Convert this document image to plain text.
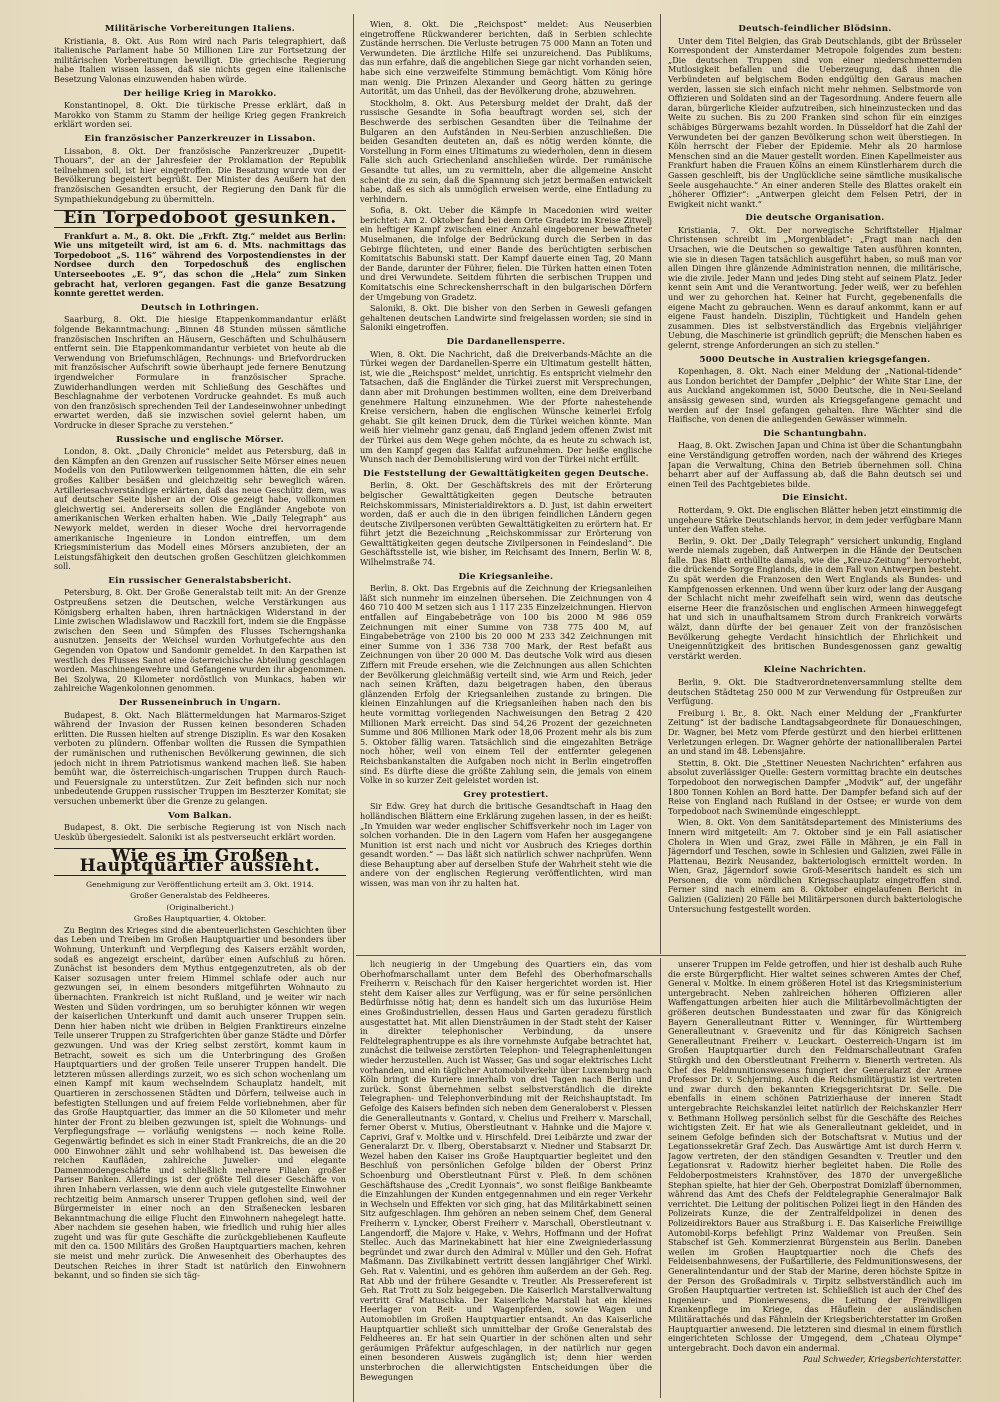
Militärische Vorbereitungen Italiens.

Kristiania, 8. Okt. Aus Rom wird nach Paris telegraphiert, daß italienische Parlament habe 50 Millionen Lire zur Fortsetzung der militärischen Vorbereitungen bewilligt. Die griechische Regierung habe Italien wissen lassen, daß sie nichts gegen eine italienische Besetzung Valonas einzuwenden haben würde.

Der heilige Krieg in Marokko.

Konstantinopel, 8. Okt. Die türkische Presse erklärt, daß in Marokko von Stamm zu Stamm der heilige Krieg gegen Frankreich erklärt worden sei.

Ein französischer Panzerkreuzer in Lissabon.

Lissabon, 8. Okt. Der französische Panzerkreuzer „Dupetit-Thouars“, der an der Jahresfeier der Proklamation der Republik teilnehmen soll, ist hier eingetroffen. Die Besatzung wurde von der Bevölkerung begeistert begrüßt. Der Minister des Aeußern hat den französischen Gesandten ersucht, der Regierung den Dank für die Sympathiekundgebung zu übermitteln.

Ein Torpedoboot gesunken.

Frankfurt a. M., 8. Okt. Die „Frkft. Ztg.“ meldet aus Berlin: Wie uns mitgeteilt wird, ist am 6. d. Mts. nachmittags das Torpedoboot „S. 116“ während des Vorpostendienstes in der Nordsee durch den Torpedoschuß des englischen Unterseebootes „E. 9“, das schon die „Hela“ zum Sinken gebracht hat, verloren gegangen. Fast die ganze Besatzung konnte gerettet werden.

Deutsch in Lothringen.

Saarburg, 8. Okt. Die hiesige Etappenkommandantur erläßt folgende Bekanntmachung: „Binnen 48 Stunden müssen sämtliche französischen Inschriften an Häusern, Geschäften und Schulhäusern entfernt sein. Die Etappenkommandantur verbietet von heute ab die Verwendung von Briefumschlägen, Rechnungs- und Briefvordrucken mit französischer Aufschrift sowie überhaupt jede fernere Benutzung irgendwelcher Formulare in französischer Sprache. Zuwiderhandlungen werden mit Schließung des Geschäftes und Beschlagnahme der verbotenen Vordrucke geahndet. Es muß auch von den französisch sprechenden Teil der Landeseinwohner unbedingt erwartet werden, daß sie inzwischen soviel gelernt haben, um Vordrucke in dieser Sprache zu verstehen.“

Russische und englische Mörser.

London, 8. Okt. „Daily Chronicle“ meldet aus Petersburg, daß in den Kämpfen an den Grenzen auf russischer Seite Mörser eines neuen Modells von den Putilowwerken teilgenommen hätten, die ein sehr großes Kaliber besäßen und gleichzeitig sehr beweglich wären. Artilleriesachverständige erklärten, daß das neue Geschütz dem, was auf deutscher Seite bisher an der Oise gezeigt habe, vollkommen gleichwertig sei. Andererseits sollen die Engländer Angebote von amerikanischen Werken erhalten haben. Wie „Daily Telegraph“ aus Newyork meldet, werden in dieser Woche drei hervorragende amerikanische Ingenieure in London eintreffen, um dem Kriegsministerium das Modell eines Mörsers anzubieten, der an Leistungsfähigkeit den deutschen großen Geschützen gleichkommen soll.

Ein russischer Generalstabsbericht.

Petersburg, 8. Okt. Der Große Generalstab teilt mit: An der Grenze Ostpreußens setzen die Deutschen, welche Verstärkungen aus Königsberg erhalten haben, ihren hartnäckigen Widerstand in der Linie zwischen Wladislawow und Raczkill fort, indem sie die Engpässe zwischen den Seen und Sümpfen des Flusses Tscherngshanka ausnutzen. Jenseits der Weichsel wurden Vorhutgefechte aus den Gegenden von Opatow und Sandomir gemeldet. In den Karpathen ist westlich des Flusses Sanot eine österreichische Abteilung geschlagen worden. Maschinengewehre und Gefangene wurden ihr abgenommen. Bei Szolywa, 20 Kilometer nordöstlich von Munkacs, haben wir zahlreiche Wagenkolonnen genommen.

Der Russeneinbruch in Ungarn.

Budapest, 8. Okt. Nach Blättermeldungen hat Marmaros-Sziget während der Invasion der Russen keinen besonderen Schaden erlitten. Die Russen hielten auf strenge Disziplin. Es war den Kosaken verboten zu plündern. Offenbar wollten die Russen die Sympathien der rumänischen und ruthenischen Bevölkerung gewinnen, die sich jedoch nicht in ihrem Patriotismus wankend machen ließ. Sie haben bemüht war, die österreichisch-ungarischen Truppen durch Rauch- und Feuersignale zu unterstützen. Zur Zeit befinden sich nur noch unbedeutende Gruppen russischer Truppen im Beszterzer Komitat; sie versuchen unbemerkt über die Grenze zu gelangen.

Vom Balkan.

Budapest, 8. Okt. Die serbische Regierung ist von Nisch nach Uesküb übergesiedelt. Saloniki ist als pestverseucht erklärt worden.

Wie es im Großen Hauptquartier aussieht.

Genehmigung zur Veröffentlichung erteilt am 3. Okt. 1914.

Großer Generalstab des Feldheeres.

(Originalbericht.)

Großes Hauptquartier, 4. Oktober.

Zu Beginn des Krieges sind die abenteuerlichsten Geschichten über das Leben und Treiben im Großen Hauptquartier und besonders über Wohnung, Unterkunft und Verpflegung des Kaisers erzählt worden, sodaß es angezeigt erscheint, darüber einen Aufschluß zu hören. Zunächst ist besonders dem Mythus entgegenzutreten, als ob der Kaiser sozusagen unter freiem Himmel schlafe oder auch nur gezwungen sei, in einem besonders mitgeführten Wohnauto zu übernachten. Frankreich ist nicht Rußland, und je weiter wir nach Westen und Süden vordringen, um so beruhigter können wir wegen der kaiserlichen Unterkunft und damit auch unserer Truppen sein. Denn hier haben nicht wie drüben in Belgien Franktireurs einzelne Teile unserer Truppen zu Strafgerichten über ganze Städte und Dörfer gezwungen. Und was der Krieg selbst zerstört, kommt kaum in Betracht, soweit es sich um die Unterbringung des Großen Hauptquartiers und der großen Teile unserer Truppen handelt. Die letzteren müssen allerdings zurzeit, wo es sich schon wochenlang um einen Kampf mit kaum wechselndem Schauplatz handelt, mit Quartieren in zerschossenen Städten und Dörfern, teilweise auch in befestigten Stellungen und auf freiem Felde vorliebnehmen, aber für das Große Hauptquartier, das immer an die 50 Kilometer und mehr hinter der Front zu bleiben gezwungen ist, spielt die Wohnungs- und Verpflegungsfrage — vorläufig wenigstens — noch keine Rolle. Gegenwärtig befindet es sich in einer Stadt Frankreichs, die an die 20 000 Einwohner zählt und sehr wohlhabend ist. Das beweisen die reichen Kaufläden, zahlreiche Juwelier- und elegante Damenmodengeschäfte und schließlich mehrere Filialen großer Pariser Banken. Allerdings ist der größte Teil dieser Geschäfte von ihren Inhabern verlassen, wie denn auch viele gutgestellte Einwohner rechtzeitig beim Anmarsch unserer Truppen geflohen sind, weil der Bürgermeister in einer noch an den Straßenecken lesbaren Bekanntmachung die eilige Flucht den Einwohnern nahegelegt hatte. Aber nachdem sie gesehen haben, wie friedlich und ruhig hier alles zugeht und was für gute Geschäfte die zurückgebliebenen Kaufleute mit den ca. 1500 Militärs des Großen Hauptquartiers machen, kehren sie meist und mehr zurück. Die Anwesenheit des Oberhauptes des Deutschen Reiches in ihrer Stadt ist natürlich den Einwohnern bekannt, und so finden sie sich täg-

Wien, 8. Okt. Die „Reichspost“ meldet: Aus Neuserbien eingetroffene Rückwanderer berichten, daß in Serbien schlechte Zustände herrschen. Die Verluste betrugen 75 000 Mann an Toten und Verwundeten. Die ärztliche Hilfe sei unzureichend. Das Publikums, das nun erfahre, daß die angeblichen Siege gar nicht vorhanden seien, habe sich eine verzweifelte Stimmung bemächtigt. Vom König höre man wenig. Die Prinzen Alexander und Georg hätten zu geringe Autorität, um das Unheil, das der Bevölkerung drohe, abzuwehren.

Stockholm, 8. Okt. Aus Petersburg meldet der Draht, daß der russische Gesandte in Sofia beauftragt worden sei, sich der Beschwerde des serbischen Gesandten über die Teilnahme der Bulgaren an den Aufständen in Neu-Serbien anzuschließen. Die beiden Gesandten deuteten an, daß es nötig werden könnte, die Vorstellung in Form eines Ultimatums zu wiederholen, denn in diesem Falle sich auch Griechenland anschließen würde. Der rumänische Gesandte tut alles, um zu vermitteln, aber die allgemeine Ansicht scheint die zu sein, daß die Spannung sich jetzt bermaßen entwickelt habe, daß es sich als unmöglich erweisen werde, eine Entladung zu verhindern.

Sofia, 8. Okt. Ueber die Kämpfe in Macedonien wird weiter berichtet: Am 2. Oktober fand bei dem Orte Gradetz im Kreise Zitwelj ein heftiger Kampf zwischen einer Anzahl eingeborener bewaffneter Muselmanen, die infolge der Bedrückung durch die Serben in das Gebirge flüchteten, und einer Bande des berüchtigten serbischen Komitatschis Babunski statt. Der Kampf dauerte einen Tag, 20 Mann der Bande, darunter der Führer, fielen. Die Türken hatten einen Toten und drei Verwundete. Seitdem führten die serbischen Truppen und Komitatschis eine Schreckensherrschaft in den bulgarischen Dörfern der Umgebung von Gradetz.

Saloniki, 8. Okt. Die bisher von den Serben in Gewesli gefangen gehaltenen deutschen Landwirte sind freigelassen worden; sie sind in Saloniki eingetroffen.

Die Dardanellensperre.

Wien, 8. Okt. Die Nachricht, daß die Dreiverbands-Mächte an die Türkei wegen der Dardanellen-Sperre ein Ultimatum gestellt hätten, ist, wie die „Reichspost“ meldet, unrichtig. Es entspricht vielmehr den Tatsachen, daß die Engländer die Türkei zuerst mit Versprechungen, dann aber mit Drohungen bestimmen wollten, eine dem Dreiverband genehmere Haltung einzunehmen. Wie der Pforte nahestehende Kreise versichern, haben die englischen Wünsche keinerlei Erfolg gehabt. Sie gilt keinen Druck, dem die Türkei weichen könnte. Man weiß hier vielmehr ganz genau, daß England jedem offenen Zwist mit der Türkei aus dem Wege gehen möchte, da es heute zu schwach ist, um den Kampf gegen das Kalifat aufzunehmen. Der heiße englische Wunsch nach der Demobilisierung wird von der Türkei nicht erfüllt.

Die Feststellung der Gewalttätigkeiten gegen Deutsche.

Berlin, 8. Okt. Der Geschäftskreis des mit der Erörterung belgischer Gewalttätigkeiten gegen Deutsche betrauten Reichskommissars, Ministerialdirektors a. D. Just, ist dahin erweitert worden, daß er auch die in den übrigen feindlichen Ländern gegen deutsche Zivilpersonen verübten Gewalttätigkeiten zu erörtern hat. Er führt jetzt die Bezeichnung „Reichskommissar zur Erörterung von Gewalttätigkeiten gegen deutsche Zivilpersonen in Feindesland“. Die Geschäftsstelle ist, wie bisher, im Reichsamt des Innern, Berlin W. 8, Wilhelmstraße 74.

Die Kriegsanleihe.

Berlin, 8. Okt. Das Ergebnis auf die Zeichnung der Kriegsanleihen läßt sich nunmehr im einzelnen übersehen. Die Zeichnungen von 4 460 710 400 M setzen sich aus 1 117 235 Einzelzeichnungen. Hiervon entfallen auf Eingabebeträge von 100 bis 2000 M 986 059 Zeichnungen mit einer Summe von 738 775 400 M, auf Eingabebeträge von 2100 bis 20 000 M 233 342 Zeichnungen mit einer Summe von 1 336 738 700 Mark, der Rest befaßt aus Zeichnungen von über 20 000 M. Das deutsche Volk wird aus diesen Ziffern mit Freude ersehen, wie die Zeichnungen aus allen Schichten der Bevölkerung gleichmäßig verteilt sind, wie Arm und Reich, jeder nach seinen Kräften, dazu beigetragen haben, den überaus glänzenden Erfolg der Kriegsanleihen zustande zu bringen. Die kleinen Einzahlungen auf die Kriegsanleihen haben nach den bis heute vormittag vorliegenden Nachweisungen den Betrag 2 420 Millionen Mark erreicht. Das sind 54,26 Prozent der gezeichneten Summe und 806 Millionen Mark oder 18,06 Prozent mehr als bis zum 5. Oktober fällig waren. Tatsächlich sind die eingezahlten Beträge noch höher, weil von einem Teil der entfernter gelegenen Reichsbankanstalten die Aufgaben noch nicht in Berlin eingetroffen sind. Es dürfte diese die größte Zahlung sein, die jemals von einem Volke in so kurzer Zeit geleistet worden ist.

Grey protestiert.

Sir Edw. Grey hat durch die britische Gesandtschaft in Haag den holländischen Blättern eine Erklärung zugehen lassen, in der es heißt: „In Ymuiden war weder englischer Schiffsverkehr noch im Lager von solchen vorhanden. Die in den Lagern vom Hafen her ausgegangene Munition ist erst nach und nicht vor Ausbruch des Krieges dorthin gesandt worden.“ — Das läßt sich natürlich schwer nachprüfen. Wenn diese Behauptung aber auf derselben Stufe der Wahrheit steht wie die andere von der englischen Regierung veröffentlichten, wird man wissen, was man von ihr zu halten hat.

Deutsch-feindlicher Blödsinn.

Unter dem Titel Belgien, das Grab Deutschlands, gibt der Brüsseler Korrespondent der Amsterdamer Metropole folgendes zum besten: „Die deutschen Truppen sind von einer niederschmetternden Mutlosigkeit befallen und die Ueberzeugung, daß ihnen die Verbündeten auf belgischem Boden endgültig den Garaus machen werden, lassen sie sich einfach nicht mehr nehmen. Selbstmorde von Offizieren und Soldaten sind an der Tagesordnung. Andere feuern alle daran, bürgerliche Kleider aufzutreiben, sich hineinzustecken und das Weite zu suchen. Bis zu 200 Franken sind schon für ein einziges schäbiges Bürgerwams bezahlt worden. In Düsseldorf hat die Zahl der Verwundeten bei der ganzen Bevölkerung schon weit überstiegen. In Köln herrscht der Fieber der Epidemie. Mehr als 20 harmlose Menschen sind an die Mauer gestellt worden. Einen Kapellmeister aus Frankfurt haben die Frauen Kölns an einem Künstlerharem durch die Gassen geschleift, bis der Unglückliche seine sämtliche musikalische Seele ausgehauchte.“ An einer anderen Stelle des Blattes orakelt ein „höherer Offizier“: „Antwerpen gleicht dem Felsen Petri, der in Ewigkeit nicht wankt.“

Die deutsche Organisation.

Kristiania, 7. Okt. Der norwegische Schriftsteller Hjalmar Christensen schreibt im „Morgenbladet“: „Fragt man nach den Ursachen, wie die Deutschen so gewaltige Taten ausführen konnten, wie sie in diesen Tagen tatsächlich ausgeführt haben, so muß man vor allen Dingen ihre glänzende Administration nennen, die militärische, wie die zivile. Jeder Mann und jedes Ding steht auf seinem Platz. Jeder kennt sein Amt und die Verantwortung. Jeder weiß, wer zu befehlen und wer zu gehorchen hat. Keiner hat Furcht, gegebenenfalls die eigene Macht zu gebrauchen. Wenn es darauf ankommt, kann er auf eigene Faust handeln. Disziplin, Tüchtigkeit und Handeln gehen zusammen. Dies ist selbstverständlich das Ergebnis vieljähriger Uebung, die Maschinerie ist gründlich geprüft; die Menschen haben es gelernt, strenge Anforderungen an sich zu stellen.“

5000 Deutsche in Australien kriegsgefangen.

Kopenhagen, 8. Okt. Nach einer Meldung der „National-tidende“ aus London berichtet der Dampfer „Delphic“ der White Star Line, der aus Auckland angekommen ist, 5000 Deutsche, die in Neu-Seeland ansässig gewesen sind, wurden als Kriegsgefangene gemacht und werden auf der Insel gefangen gehalten. Ihre Wächter sind die Haifische, von denen die anliegenden Gewässer wimmeln.

Die Schantungbahn.

Haag, 8. Okt. Zwischen Japan und China ist über die Schantungbahn eine Verständigung getroffen worden, nach der während des Krieges Japan die Verwaltung, China den Betrieb übernehmen soll. China beharrt aber auf der Auffassung ab, daß die Bahn deutsch sei und einen Teil des Pachtgebietes bilde.

Die Einsicht.

Rotterdam, 9. Okt. Die englischen Blätter heben jetzt einstimmig die ungeheure Stärke Deutschlands hervor, in dem jeder verfügbare Mann unter den Waffen stehe.

Berlin, 9. Okt. Der „Daily Telegraph“ versichert unkundig, England werde niemals zugeben, daß Antwerpen in die Hände der Deutschen falle. Das Blatt enthüllte damals, wie die „Kreuz-Zeitung“ hervorhebt, die drückende Sorge Englands, die in dem Fall von Antwerpen besteht. Zu spät werden die Franzosen den Wert Englands als Bundes- und Kampfgenossen erkennen. Und wenn über kurz oder lang der Ausgang der Schlacht nicht mehr zweifelhaft sein wird, wenn das deutsche eiserne Heer die französischen und englischen Armeen hinweggefegt hat und sich in unaufhaltsamem Strom durch Frankreich vorwärts wälzt, dann dürfte der bei genauer Zeit von der französischen Bevölkerung gehegte Verdacht hinsichtlich der Ehrlichkeit und Uneigennützigkeit des britischen Bundesgenossen ganz gewaltig verstärkt werden.

Kleine Nachrichten.

Berlin, 9. Okt. Die Stadtverordnetenversammlung stellte dem deutschen Städtetag 250 000 M zur Verwendung für Ostpreußen zur Verfügung.

Freiburg i. Br., 8. Okt. Nach einer Meldung der „Frankfurter Zeitung“ ist der badische Landtagsabgeordnete für Donaueschingen, Dr. Wagner, bei Metz vom Pferde gestürzt und den hierbei erlittenen Verletzungen erlegen. Dr. Wagner gehörte der nationalliberalen Partei an und stand im 48. Lebensjahre.

Stettin, 8. Okt. Die „Stettiner Neuesten Nachrichten“ erfahren aus absolut zuverlässiger Quelle: Gestern vormittag brachte ein deutsches Torpedoboot den norwegischen Dampfer „Modvik“ auf, der ungefähr 1800 Tonnen Kohlen an Bord hatte. Der Dampfer befand sich auf der Reise von England nach Rußland in der Ostsee; er wurde von dem Torpedoboot nach Swinemünde eingeschleppt.

Wien, 8. Okt. Von dem Sanitätsdepartement des Ministeriums des Innern wird mitgeteilt: Am 7. Oktober sind je ein Fall asiatischer Cholera in Wien und Graz, zwei Fälle in Mähren, je ein Fall in Jägerndorf und Teschen, sowie in Schlesien und Galizien, zwei Fälle in Plattenau, Bezirk Neusandez, bakteriologisch ermittelt worden. In Wien, Graz, Jägerndorf sowie Groß-Meseritsch handelt es sich um Personen, die vom nördlichen Kriegsschauplatz eingetroffen sind. Ferner sind nach einem am 8. Oktober eingelaufenen Bericht in Galizien (Galizien) 20 Fälle bei Militärpersonen durch bakteriologische Untersuchung festgestellt worden.

lich neugierig in der Umgebung des Quartiers ein, das vom Oberhofmarschallamt unter dem Befehl des Oberhofmarschalls Freiherrn v. Reischach für den Kaiser hergerichtet worden ist. Hier steht dem Kaiser alles zur Verfügung, was er für seine persönlichen Bedürfnisse nötig hat; denn es handelt sich um das luxuriöse Heim eines Großindustriellen, dessen Haus und Garten geradezu fürstlich ausgestattet hat. Mit allen Diensträumen in der Stadt steht der Kaiser in direkter telephonischer Verbindung, da unsere Feldtelegraphentruppe es als ihre vornehmste Aufgabe betrachtet hat, zunächst die teilweise zerstörten Telephon- und Telegraphenleitungen wieder herzustellen. Auch ist Wasser, Gas und sogar elektrisches Licht vorhanden, und ein täglicher Automobilverkehr über Luxemburg nach Köln bringt die Kuriere innerhalb von drei Tagen nach Berlin und zurück. Sonst übernehmen selbst selbstverständlich die direkte Telegraphen- und Telephonverbindung mit der Reichshauptstadt. Im Gefolge des Kaisers befinden sich neben dem Generaloberst v. Plessen die Generalleutnants v. Gontard, v. Chelius und Freiherr v. Marschall, ferner Oberst v. Mutius, Oberstleutnant v. Hahnke und die Majore v. Caprivi, Graf v. Moltke und v. Hirschfeld. Drei Leibärzte und zwar der Generalarzt Dr. v. Ilberg, Oberstabsarzt v. Niedner und Stabsarzt Dr. Wezel haben den Kaiser ins Große Hauptquartier begleitet und den Beschluß von persönlichen Gefolge bilden der Oberst Prinz Schoenburg und Oberstleutnant Fürst v. Pleß. In dem schönen Geschäftshause des „Credit Lyonnais“, wo sonst fleißige Bankbeamte die Einzahlungen der Kunden entgegennahmen und ein reger Verkehr in Wechseln und Effekten vor sich ging, hat das Militärkabinett seinen Sitz aufgeschlagen. Ihm gehören an neben seinem Chef, dem General Freiherrn v. Lyncker, Oberst Freiherr v. Marschall, Oberstleutnant v. Langendorff, die Majore v. Hake, v. Wehrs, Hoffmann und der Hofrat Stellec. Auch das Marinekabinett hat hier eine Zweigniederlassung begründet und zwar durch den Admiral v. Müller und den Geh. Hofrat Maßmann. Das Zivilkabinett vertritt dessen langjähriger Chef Wirkl. Geh. Rat v. Valentini, und es gehören ihm außerdem an der Geh. Reg. Rat Abb und der frühere Gesandte v. Treutler. Als Pressereferent ist Geh. Rat Trott zu Solz beigegeben. Die Kaiserlich Marstallverwaltung vertritt Graf Matuschka. Der Kaiserliche Marstall hat ein kleines Heerlager von Reit- und Wagenpferden, sowie Wagen und Automobilen im Großen Hauptquartier entsandt. An das Kaiserliche Hauptquartier schließt sich unmittelbar der Große Generalstab des Feldheeres an. Er hat sein Quartier in der schönen alten und sehr geräumigen Präfektur aufgeschlagen, in der natürlich nur gegen einen besonderen Ausweis zugänglich ist; denn hier werden unsterbrochen die allerwichtigsten Entscheidungen über die Bewegungen

unserer Truppen im Felde getroffen, und hier ist deshalb auch Ruhe die erste Bürgerpflicht. Hier waltet seines schweren Amtes der Chef, General v. Moltke. In einem größeren Hotel ist das Kriegsministerium untergebracht. Neben zahlreichen höheren Offizieren aller Waffengattungen arbeiten hier auch die Militärbevollmächtigten der größeren deutschen Bundesstaaten und zwar für das Königreich Bayern Generalleutnant Ritter v. Wenninger, für Württemberg Generalleutnant v. Graevenitz und für das Königreich Sachsen Generalleutnant Freiherr v. Leuckart. Oesterreich-Ungarn ist im Großen Hauptquartier durch den Feldmarschalleutnant Grafen Stürgkh und den Oberstleutnant Freiherrn v. Bienerth vertreten. Als Chef des Feldmunitionswesens fungiert der Generalarzt der Armee Professor Dr. v. Schjerning. Auch die Reichsmilitärjustiz ist vertreten und zwar durch den bekannten Kriegsgerichtsrat Dr. Selle. Die ebenfalls in einem schönen Patrizierhause der inneren Stadt untergebrachte Reichskanzlei leitet natürlich der Reichskanzler Herr v. Bethmann Hollweg persönlich selbst für die Geschäfte des Reiches wichtigsten Zeit. Er hat wie als Generalleutnant gekleidet, und in seinem Gefolge befinden sich der Botschaftsrat v. Mutius und der Legationssekretär Graf Zech. Das Auswärtige Amt ist durch Herrn v. Jagow vertreten, der den ständigen Gesandten v. Treutler und den Legationsrat v. Radowitz hierher begleitet haben. Die Rolle des Feldoberpostmeisters Krahnstöver, des 1870 der unvergeßliche Stephan spielte, hat hier der Geh. Oberpostrat Domizlaff übernommen, während das Amt des Chefs der Feldtelegraphie Generalmajor Balk verrichtet. Die Leitung der politischen Polizei liegt in den Händen des Polizeirats Kunze, die der Zentralfeldpolizei in denen des Polizeidirektors Bauer aus Straßburg i. E. Das Kaiserliche Freiwillige Automobil-Korps befehligt Prinz Waldemar von Preußen. Sein Stabschef ist Geh. Kommerzienrat Bürgenstein aus Berlin. Daneben weilen im Großen Hauptquartier noch die Chefs des Feldeisenbahnwesens, der Fußartillerie, des Feldmunitionswesens, der Generalintendantur und der Stab der Marine, deren höchste Spitze in der Person des Großadmirals v. Tirpitz selbstverständlich auch im Großen Hauptquartier vertreten ist. Schließlich ist auch der Chef des Ingenieur- und Pionierwesens, die Leitung der Freiwilligen Krankenpflege im Kriege, das Häuflein der ausländischen Militärattachés und das Fähnlein der Kriegsberichterstatter im Großen Hauptquartier anwesend. Die letzteren sind diesmal in einem fürstlich eingerichteten Schlosse der Umgegend, dem „Chateau Olympe“ untergebracht. Doch davon ein andermal.

Paul Schweder, Kriegsberichterstatter.
